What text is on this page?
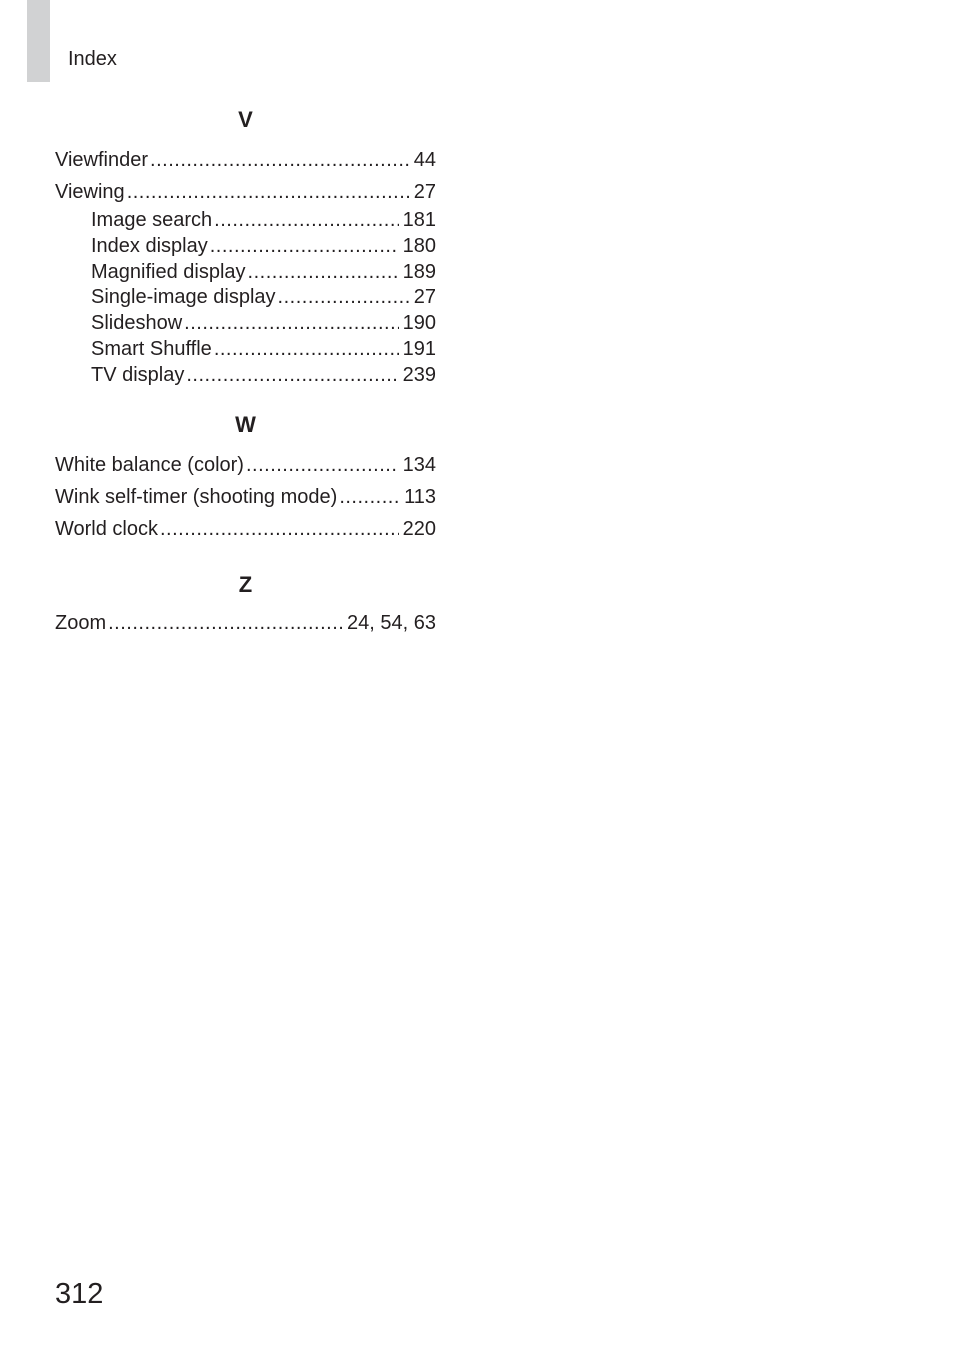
Index
V
Viewfinder .....	44
Viewing .....	27
Image search .....	181
Index display .....	180
Magnified display .....	189
Single-image display .....	27
Slideshow .....	190
Smart Shuffle .....	191
TV display .....	239
W
White balance (color) .....	134
Wink self-timer (shooting mode) .....	113
World clock .....	220
Z
Zoom .....	24, 54, 63
312
